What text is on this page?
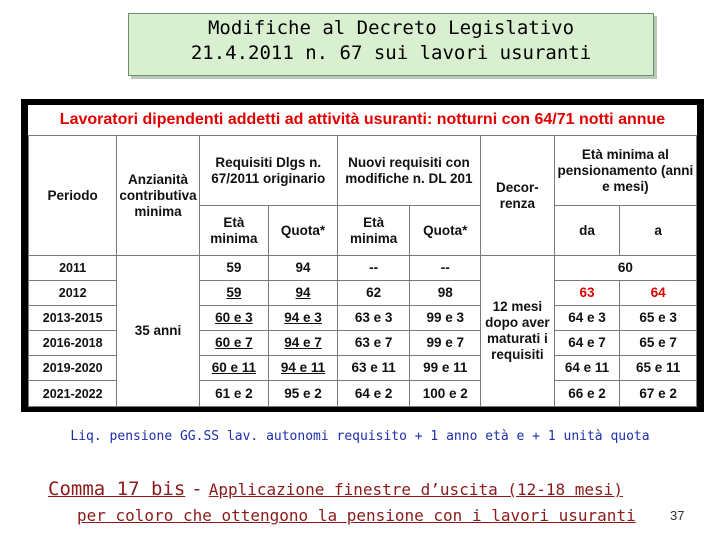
Modifiche al Decreto Legislativo
21.4.2011 n. 67 sui lavori usuranti
Lavoratori dipendenti addetti ad attività usuranti: notturni con 64/71 notti annue
Periodo	Anzianità contributiva minima	Requisiti Dlgs n. 67/2011 originario		Nuovi requisiti con modifiche n. DL 201		Decor-renza	Età minima al pensionamento (anni e mesi)	
		Età minima	Quota*	Età minima	Quota*		da	a
2011	35 anni	59	94	--	--	12 mesi dopo aver maturati i requisiti	60	
2012		59	94	62	98		63	64
2013-2015		60 e 3	94 e 3	63 e 3	99 e 3		64 e 3	65 e 3
2016-2018		60 e 7	94 e 7	63 e 7	99 e 7		64 e 7	65 e 7
2019-2020		60 e 11	94 e 11	63 e 11	99 e 11		64 e 11	65 e 11
2021-2022		61 e 2	95 e 2	64 e 2	100 e 2		66 e 2	67 e 2
Liq. pensione GG.SS lav. autonomi requisito + 1 anno età e + 1 unità quota
Comma 17 bis - Applicazione finestre d’uscita (12-18 mesi)
per coloro che ottengono la pensione con i lavori usuranti	37
